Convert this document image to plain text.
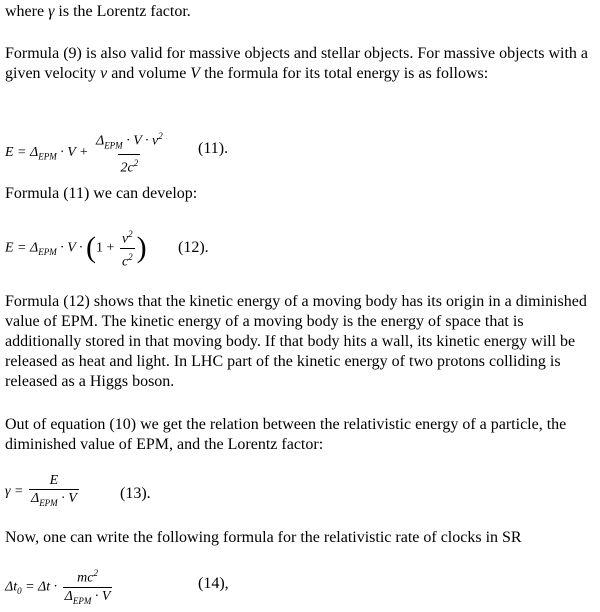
where γ is the Lorentz factor.

Formula (9) is also valid for massive objects and stellar objects. For massive objects with a given velocity v and volume V the formula for its total energy is as follows:

$E = \Delta_{EPM} \cdot V + \frac{\Delta_{EPM} \cdot V \cdot v^2}{2c^2} (11)$.

Formula (11) we can develop:

$E = \Delta_{EPM} \cdot V \cdot (1 + \frac{v^2}{c^2}$ ) (12).

Formula (12) shows that the kinetic energy of a moving body has its origin in a diminished value of EPM. The kinetic energy of a moving body is the energy of space that is additionally stored in that moving body. If that body hits a wall, its kinetic energy will be released as heat and light. In LHC part of the kinetic energy of two protons colliding is released as a Higgs boson.

Out of equation (10) we get the relation between the relativistic energy of a particle, the diminished value of EPM, and the Lorentz factor:

$\gamma = \frac{E}{\Delta_{EPM} \cdot V}$	(13).

Now, one can write the following formula for the relativistic rate of clocks in SR

$\Delta t_0 = \Delta t \cdot \frac{mc^2}{\Delta_{EPM} \cdot V}$	(14),
